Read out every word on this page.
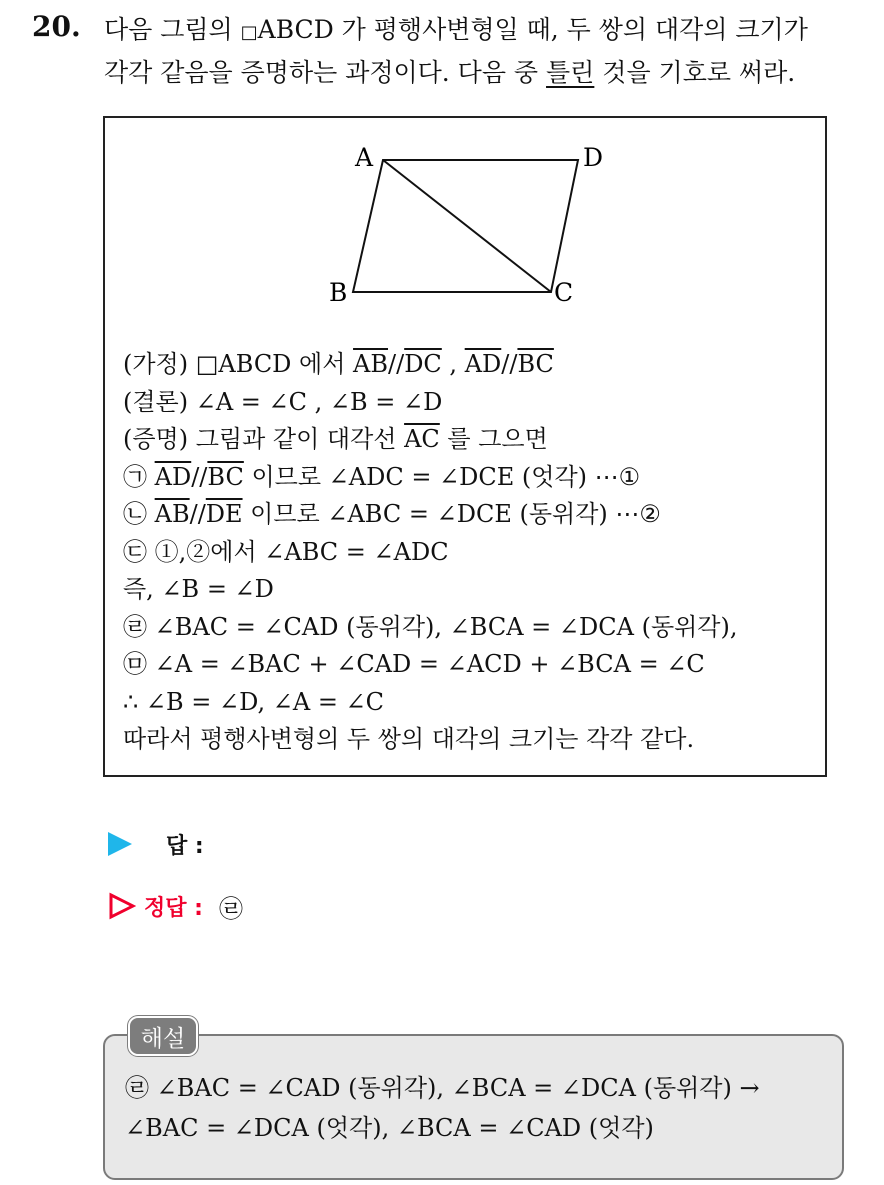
20. 다음 그림의 □ABCD 가 평행사변형일 때, 두 쌍의 대각의 크기가
각각 같음을 증명하는 과정이다. 다음 중 틀린 것을 기호로 써라.
A	D
B	C
(가정) □ABCD 에서 $\overline{AB}//\overline{DC}$ , $\overline{AD}//\overline{BC}$
(결론) ∠A = ∠C , ∠B = ∠D
(증명) 그림과 같이 대각선 $\overline{AC}$ 를 그으면
㉠ $\overline{AD}//\overline{BC}$ 이므로 ∠ADC = ∠DCE (엇각) ⋯①
㉡ $\overline{AB}//\overline{DE}$ 이므로 ∠ABC = ∠DCE (동위각) ⋯②
㉢ ①,②에서 ∠ABC = ∠ADC
즉, ∠B = ∠D
㉣ ∠BAC = ∠CAD (동위각), ∠BCA = ∠DCA (동위각),
㉤ ∠A = ∠BAC + ∠CAD = ∠ACD + ∠BCA = ∠C
∴ ∠B = ∠D, ∠A = ∠C
따라서 평행사변형의 두 쌍의 대각의 크기는 각각 같다.
답 :
정답 : ㉣
㉣ ∠BAC = ∠CAD (동위각), ∠BCA = ∠DCA (동위각) →
∠BAC = ∠DCA (엇각), ∠BCA = ∠CAD (엇각)
해설
